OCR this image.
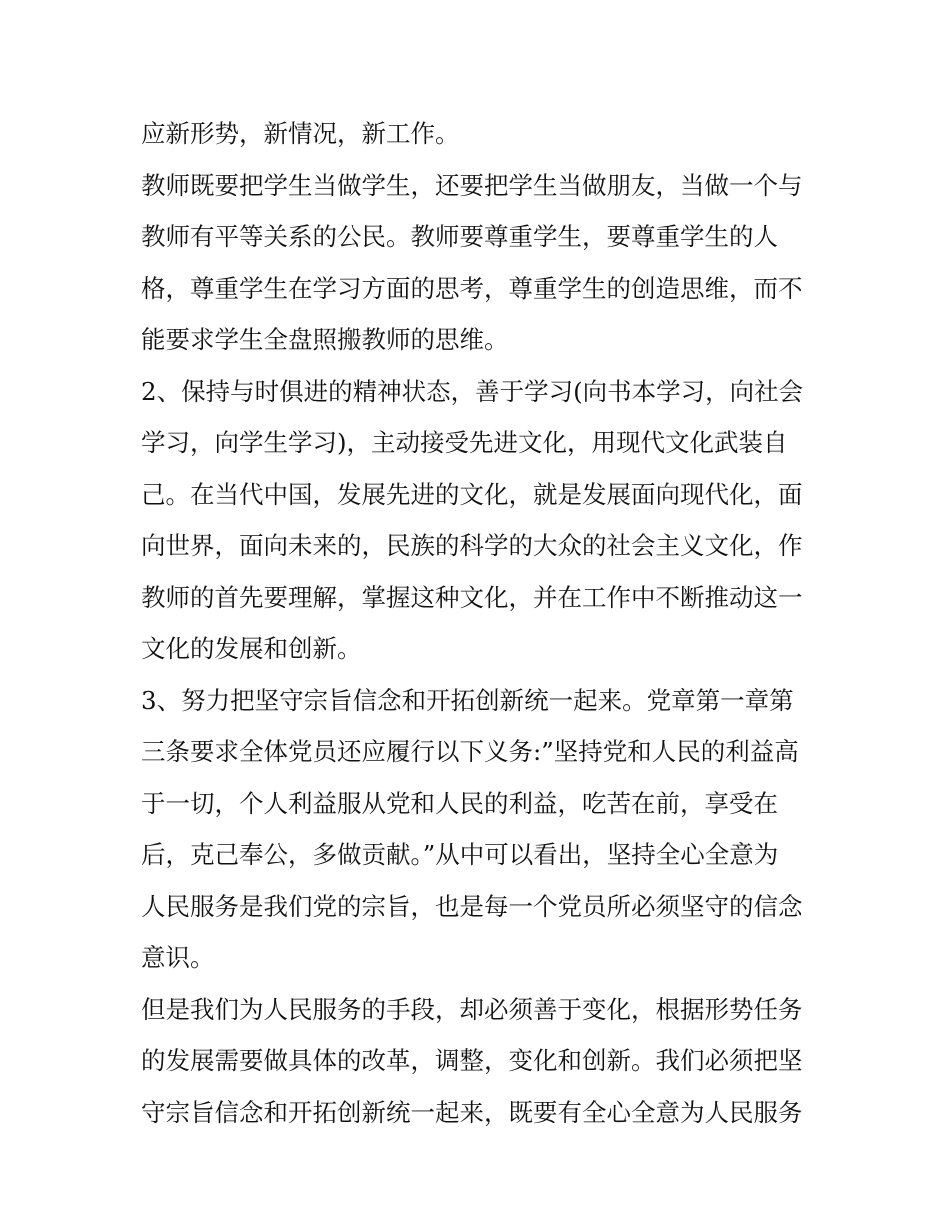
应新形势，新情况，新工作。
教师既要把学生当做学生，还要把学生当做朋友，当做一个与
教师有平等关系的公民。教师要尊重学生，要尊重学生的人
格，尊重学生在学习方面的思考，尊重学生的创造思维，而不
能要求学生全盘照搬教师的思维。
2、保持与时俱进的精神状态，善于学习(向书本学习，向社会
学习，向学生学习)，主动接受先进文化，用现代文化武装自
己。在当代中国，发展先进的文化，就是发展面向现代化，面
向世界，面向未来的，民族的科学的大众的社会主义文化，作
教师的首先要理解，掌握这种文化，并在工作中不断推动这一
文化的发展和创新。
3、努力把坚守宗旨信念和开拓创新统一起来。党章第一章第
三条要求全体党员还应履行以下义务:”坚持党和人民的利益高
于一切，个人利益服从党和人民的利益，吃苦在前，享受在
后，克己奉公，多做贡献。”从中可以看出，坚持全心全意为
人民服务是我们党的宗旨，也是每一个党员所必须坚守的信念
意识。
但是我们为人民服务的手段，却必须善于变化，根据形势任务
的发展需要做具体的改革，调整，变化和创新。我们必须把坚
守宗旨信念和开拓创新统一起来，既要有全心全意为人民服务
